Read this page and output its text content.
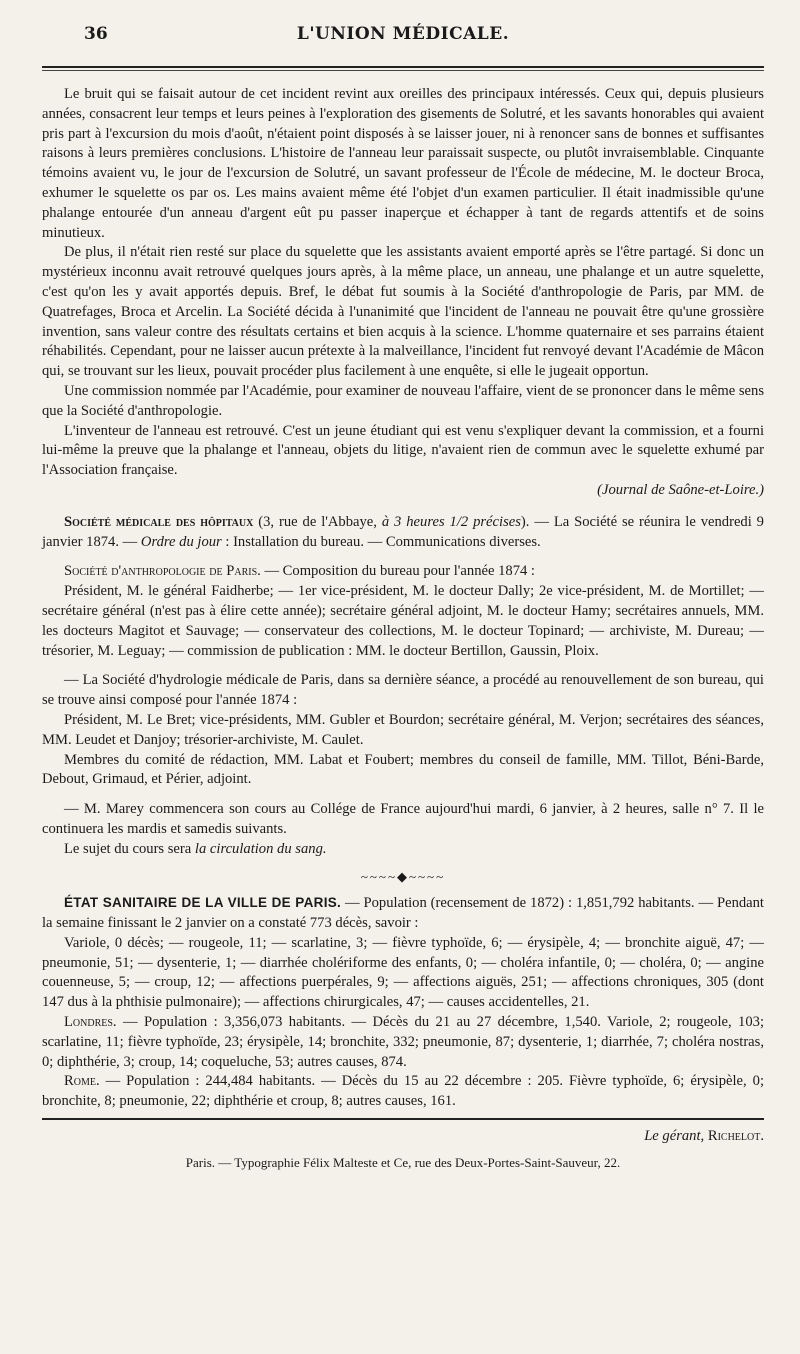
36	L'UNION MÉDICALE.

Le bruit qui se faisait autour de cet incident revint aux oreilles des principaux intéressés. Ceux qui, depuis plusieurs années, consacrent leur temps et leurs peines à l'exploration des gisements de Solutré, et les savants honorables qui avaient pris part à l'excursion du mois d'août, n'étaient point disposés à se laisser jouer, ni à renoncer sans de bonnes et suffisantes raisons à leurs premières conclusions. L'histoire de l'anneau leur paraissait suspecte, ou plutôt invraisemblable. Cinquante témoins avaient vu, le jour de l'excursion de Solutré, un savant professeur de l'École de médecine, M. le docteur Broca, exhumer le squelette os par os. Les mains avaient même été l'objet d'un examen particulier. Il était inadmissible qu'une phalange entourée d'un anneau d'argent eût pu passer inaperçue et échapper à tant de regards attentifs et de soins minutieux.

De plus, il n'était rien resté sur place du squelette que les assistants avaient emporté après se l'être partagé. Si donc un mystérieux inconnu avait retrouvé quelques jours après, à la même place, un anneau, une phalange et un autre squelette, c'est qu'on les y avait apportés depuis. Bref, le débat fut soumis à la Société d'anthropologie de Paris, par MM. de Quatrefages, Broca et Arcelin. La Société décida à l'unanimité que l'incident de l'anneau ne pouvait être qu'une grossière invention, sans valeur contre des résultats certains et bien acquis à la science. L'homme quaternaire et ses parrains étaient réhabilités. Cependant, pour ne laisser aucun prétexte à la malveillance, l'incident fut renvoyé devant l'Académie de Mâcon qui, se trouvant sur les lieux, pouvait procéder plus facilement à une enquête, si elle le jugeait opportun.

Une commission nommée par l'Académie, pour examiner de nouveau l'affaire, vient de se prononcer dans le même sens que la Société d'anthropologie.

L'inventeur de l'anneau est retrouvé. C'est un jeune étudiant qui est venu s'expliquer devant la commission, et a fourni lui-même la preuve que la phalange et l'anneau, objets du litige, n'avaient rien de commun avec le squelette exhumé par l'Association française.

(Journal de Saône-et-Loire.)

Société médicale des hôpitaux (3, rue de l'Abbaye, à 3 heures 1/2 précises). — La Société se réunira le vendredi 9 janvier 1874. — Ordre du jour : Installation du bureau. — Communications diverses.

Société d'anthropologie de Paris. — Composition du bureau pour l'année 1874 :

Président, M. le général Faidherbe; — 1er vice-président, M. le docteur Dally; 2e vice-président, M. de Mortillet; — secrétaire général (n'est pas à élire cette année); secrétaire général adjoint, M. le docteur Hamy; secrétaires annuels, MM. les docteurs Magitot et Sauvage; — conservateur des collections, M. le docteur Topinard; — archiviste, M. Dureau; — trésorier, M. Leguay; — commission de publication : MM. le docteur Bertillon, Gaussin, Ploix.

— La Société d'hydrologie médicale de Paris, dans sa dernière séance, a procédé au renouvellement de son bureau, qui se trouve ainsi composé pour l'année 1874 :

Président, M. Le Bret; vice-présidents, MM. Gubler et Bourdon; secrétaire général, M. Verjon; secrétaires des séances, MM. Leudet et Danjoy; trésorier-archiviste, M. Caulet.

Membres du comité de rédaction, MM. Labat et Foubert; membres du conseil de famille, MM. Tillot, Béni-Barde, Debout, Grimaud, et Périer, adjoint.

— M. Marey commencera son cours au Collége de France aujourd'hui mardi, 6 janvier, à 2 heures, salle n° 7. Il le continuera les mardis et samedis suivants.

Le sujet du cours sera la circulation du sang.

~~~~◆~~~~

ÉTAT SANITAIRE DE LA VILLE DE PARIS. — Population (recensement de 1872) : 1,851,792 habitants. — Pendant la semaine finissant le 2 janvier on a constaté 773 décès, savoir :

Variole, 0 décès; — rougeole, 11; — scarlatine, 3; — fièvre typhoïde, 6; — érysipèle, 4; — bronchite aiguë, 47; — pneumonie, 51; — dysenterie, 1; — diarrhée cholériforme des enfants, 0; — choléra infantile, 0; — choléra, 0; — angine couenneuse, 5; — croup, 12; — affections puerpérales, 9; — affections aiguës, 251; — affections chroniques, 305 (dont 147 dus à la phthisie pulmonaire); — affections chirurgicales, 47; — causes accidentelles, 21.

Londres. — Population : 3,356,073 habitants. — Décès du 21 au 27 décembre, 1,540. Variole, 2; rougeole, 103; scarlatine, 11; fièvre typhoïde, 23; érysipèle, 14; bronchite, 332; pneumonie, 87; dysenterie, 1; diarrhée, 7; choléra nostras, 0; diphthérie, 3; croup, 14; coqueluche, 53; autres causes, 874.

Rome. — Population : 244,484 habitants. — Décès du 15 au 22 décembre : 205. Fièvre typhoïde, 6; érysipèle, 0; bronchite, 8; pneumonie, 22; diphthérie et croup, 8; autres causes, 161.

Le gérant, Richelot.
Paris. — Typographie Félix Malteste et Ce, rue des Deux-Portes-Saint-Sauveur, 22.
